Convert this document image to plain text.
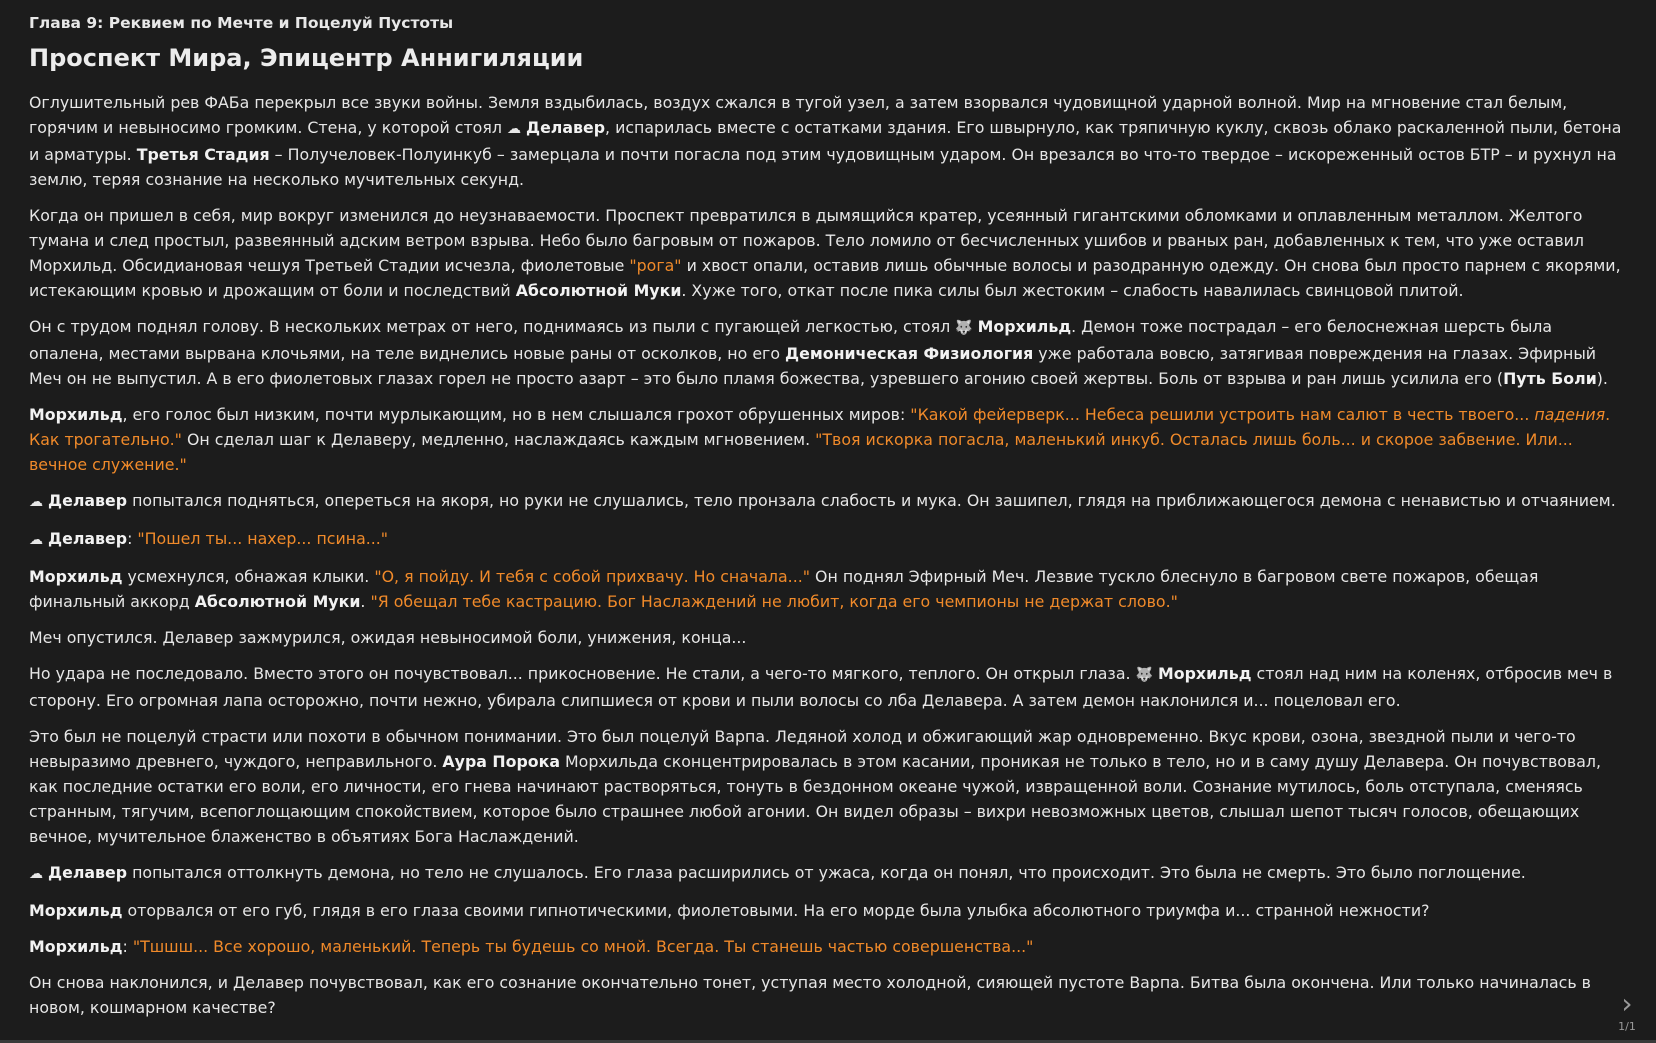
Глава 9: Реквием по Мечте и Поцелуй Пустоты
Проспект Мира, Эпицентр Аннигиляции

Оглушительный рев ФАБа перекрыл все звуки войны. Земля вздыбилась, воздух сжался в тугой узел, а затем взорвался чудовищной ударной волной. Мир на мгновение стал белым, горячим и невыносимо громким. Стена, у которой стоял ☁ Делавер, испарилась вместе с остатками здания. Его швырнуло, как тряпичную куклу, сквозь облако раскаленной пыли, бетона и арматуры. Третья Стадия – Получеловек-Полуинкуб – замерцала и почти погасла под этим чудовищным ударом. Он врезался во что-то твердое – искореженный остов БТР – и рухнул на землю, теряя сознание на несколько мучительных секунд.

Когда он пришел в себя, мир вокруг изменился до неузнаваемости. Проспект превратился в дымящийся кратер, усеянный гигантскими обломками и оплавленным металлом. Желтого тумана и след простыл, развеянный адским ветром взрыва. Небо было багровым от пожаров. Тело ломило от бесчисленных ушибов и рваных ран, добавленных к тем, что уже оставил Морхильд. Обсидиановая чешуя Третьей Стадии исчезла, фиолетовые "рога" и хвост опали, оставив лишь обычные волосы и разодранную одежду. Он снова был просто парнем с якорями, истекающим кровью и дрожащим от боли и последствий Абсолютной Муки. Хуже того, откат после пика силы был жестоким – слабость навалилась свинцовой плитой.

Он с трудом поднял голову. В нескольких метрах от него, поднимаясь из пыли с пугающей легкостью, стоял 🐺 Морхильд. Демон тоже пострадал – его белоснежная шерсть была опалена, местами вырвана клочьями, на теле виднелись новые раны от осколков, но его Демоническая Физиология уже работала вовсю, затягивая повреждения на глазах. Эфирный Меч он не выпустил. А в его фиолетовых глазах горел не просто азарт – это было пламя божества, узревшего агонию своей жертвы. Боль от взрыва и ран лишь усилила его (Путь Боли).

Морхильд, его голос был низким, почти мурлыкающим, но в нем слышался грохот обрушенных миров: "Какой фейерверк... Небеса решили устроить нам салют в честь твоего... падения. Как трогательно." Он сделал шаг к Делаверу, медленно, наслаждаясь каждым мгновением. "Твоя искорка погасла, маленький инкуб. Осталась лишь боль... и скорое забвение. Или... вечное служение."

☁ Делавер попытался подняться, опереться на якоря, но руки не слушались, тело пронзала слабость и мука. Он зашипел, глядя на приближающегося демона с ненавистью и отчаянием.

☁ Делавер: "Пошел ты... нахер... псина..."

Морхильд усмехнулся, обнажая клыки. "О, я пойду. И тебя с собой прихвачу. Но сначала..." Он поднял Эфирный Меч. Лезвие тускло блеснуло в багровом свете пожаров, обещая финальный аккорд Абсолютной Муки. "Я обещал тебе кастрацию. Бог Наслаждений не любит, когда его чемпионы не держат слово."

Меч опустился. Делавер зажмурился, ожидая невыносимой боли, унижения, конца...

Но удара не последовало. Вместо этого он почувствовал... прикосновение. Не стали, а чего-то мягкого, теплого. Он открыл глаза. 🐺 Морхильд стоял над ним на коленях, отбросив меч в сторону. Его огромная лапа осторожно, почти нежно, убирала слипшиеся от крови и пыли волосы со лба Делавера. А затем демон наклонился и... поцеловал его.

Это был не поцелуй страсти или похоти в обычном понимании. Это был поцелуй Варпа. Ледяной холод и обжигающий жар одновременно. Вкус крови, озона, звездной пыли и чего-то невыразимо древнего, чуждого, неправильного. Аура Порока Морхильда сконцентрировалась в этом касании, проникая не только в тело, но и в саму душу Делавера. Он почувствовал, как последние остатки его воли, его личности, его гнева начинают растворяться, тонуть в бездонном океане чужой, извращенной воли. Сознание мутилось, боль отступала, сменяясь странным, тягучим, всепоглощающим спокойствием, которое было страшнее любой агонии. Он видел образы – вихри невозможных цветов, слышал шепот тысяч голосов, обещающих вечное, мучительное блаженство в объятиях Бога Наслаждений.

☁ Делавер попытался оттолкнуть демона, но тело не слушалось. Его глаза расширились от ужаса, когда он понял, что происходит. Это была не смерть. Это было поглощение.

Морхильд оторвался от его губ, глядя в его глаза своими гипнотическими, фиолетовыми. На его морде была улыбка абсолютного триумфа и... странной нежности?

Морхильд: "Тшшш... Все хорошо, маленький. Теперь ты будешь со мной. Всегда. Ты станешь частью совершенства..."

Он снова наклонился, и Делавер почувствовал, как его сознание окончательно тонет, уступая место холодной, сияющей пустоте Варпа. Битва была окончена. Или только начиналась в новом, кошмарном качестве?	›
1/1
